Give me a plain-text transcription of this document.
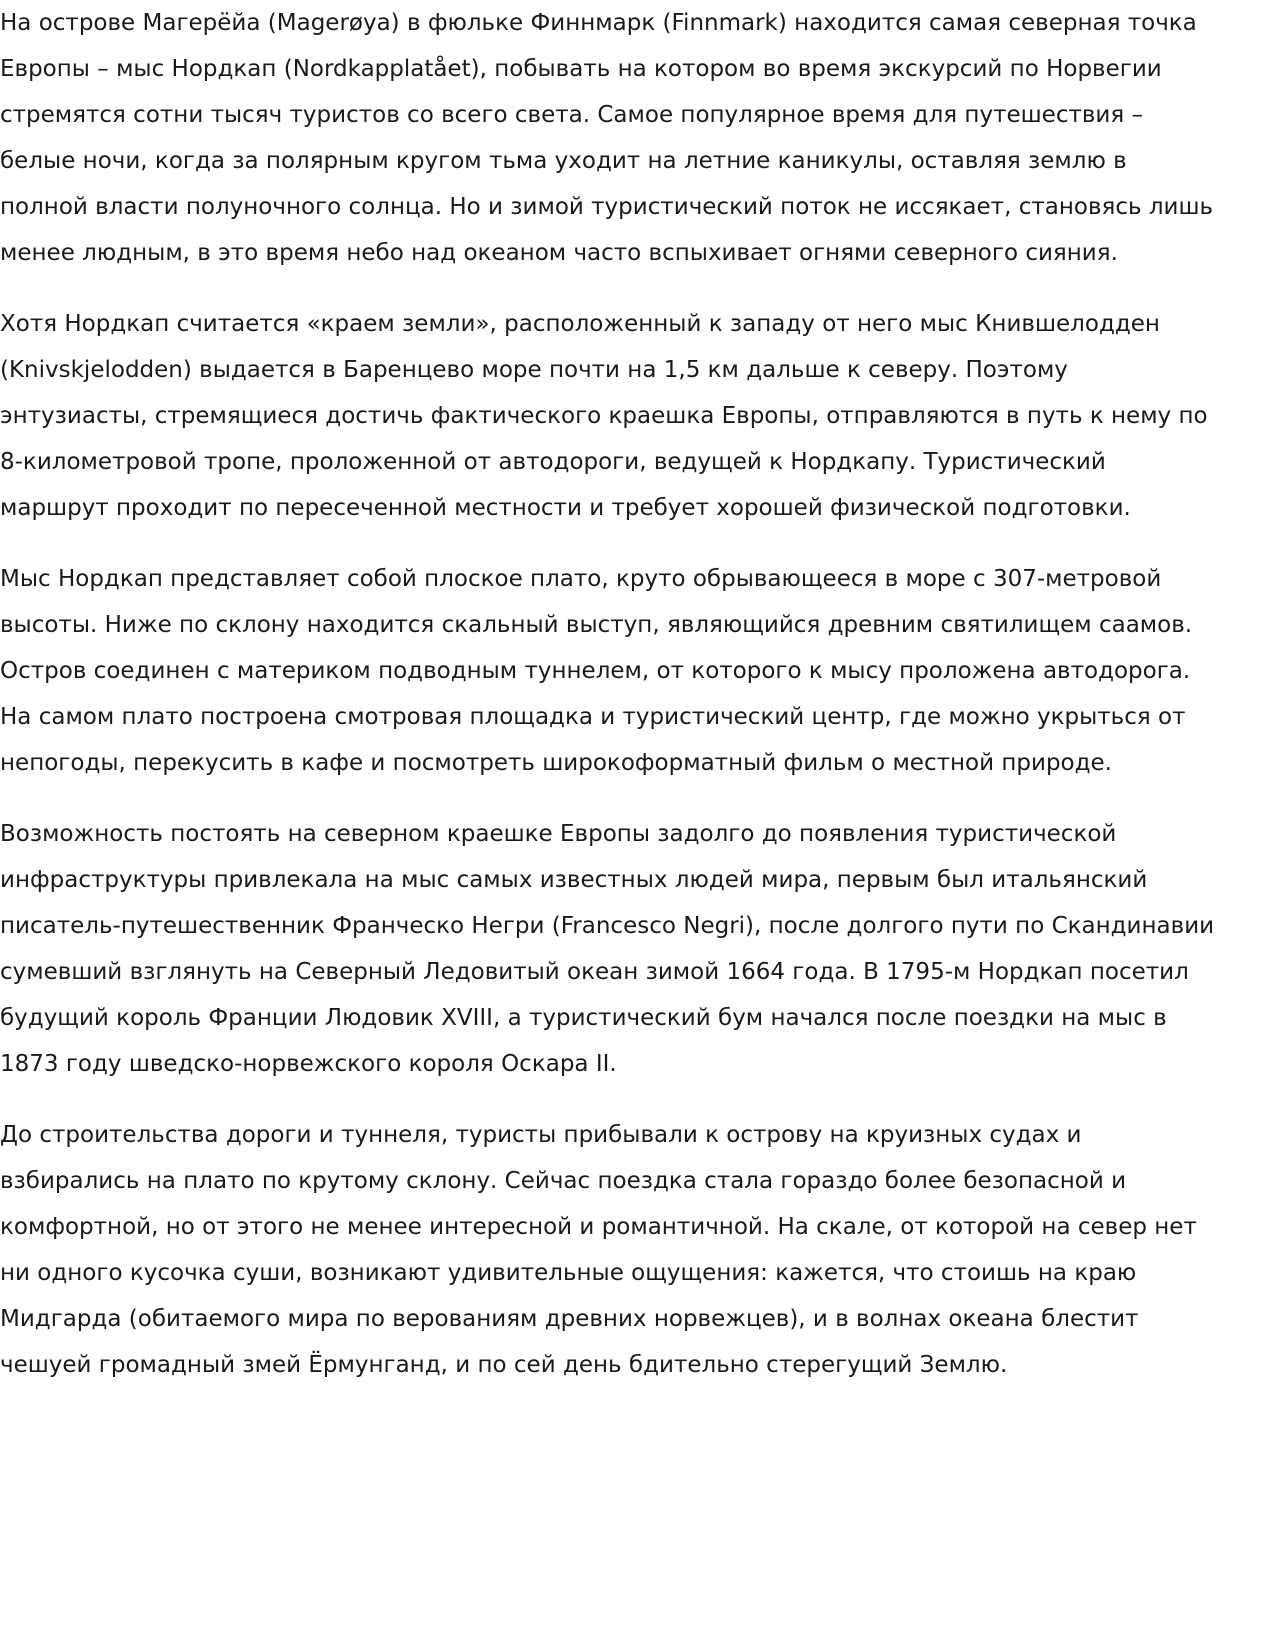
На острове Магерёйа (Magerøya) в фюльке Финнмарк (Finnmark) находится самая северная точка Европы – мыс Нордкап (Nordkapplatået), побывать на котором во время экскурсий по Норвегии стремятся сотни тысяч туристов со всего света. Самое популярное время для путешествия – белые ночи, когда за полярным кругом тьма уходит на летние каникулы, оставляя землю в полной власти полуночного солнца. Но и зимой туристический поток не иссякает, становясь лишь менее людным, в это время небо над океаном часто вспыхивает огнями северного сияния.

Хотя Нордкап считается «краем земли», расположенный к западу от него мыс Кнившелодден (Knivskjelodden) выдается в Баренцево море почти на 1,5 км дальше к северу. Поэтому энтузиасты, стремящиеся достичь фактического краешка Европы, отправляются в путь к нему по 8-километровой тропе, проложенной от автодороги, ведущей к Нордкапу. Туристический маршрут проходит по пересеченной местности и требует хорошей физической подготовки.

Мыс Нордкап представляет собой плоское плато, круто обрывающееся в море с 307-метровой высоты. Ниже по склону находится скальный выступ, являющийся древним святилищем саамов. Остров соединен с материком подводным туннелем, от которого к мысу проложена автодорога. На самом плато построена смотровая площадка и туристический центр, где можно укрыться от непогоды, перекусить в кафе и посмотреть широкоформатный фильм о местной природе.

Возможность постоять на северном краешке Европы задолго до появления туристической инфраструктуры привлекала на мыс самых известных людей мира, первым был итальянский писатель-путешественник Франческо Негри (Francesco Negri), после долгого пути по Скандинавии сумевший взглянуть на Северный Ледовитый океан зимой 1664 года. В 1795-м Нордкап посетил будущий король Франции Людовик XVIII, а туристический бум начался после поездки на мыс в 1873 году шведско-норвежского короля Оскара II.

До строительства дороги и туннеля, туристы прибывали к острову на круизных судах и взбирались на плато по крутому склону. Сейчас поездка стала гораздо более безопасной и комфортной, но от этого не менее интересной и романтичной. На скале, от которой на север нет ни одного кусочка суши, возникают удивительные ощущения: кажется, что стоишь на краю Мидгарда (обитаемого мира по верованиям древних норвежцев), и в волнах океана блестит чешуей громадный змей Ёрмунганд, и по сей день бдительно стерегущий Землю.
